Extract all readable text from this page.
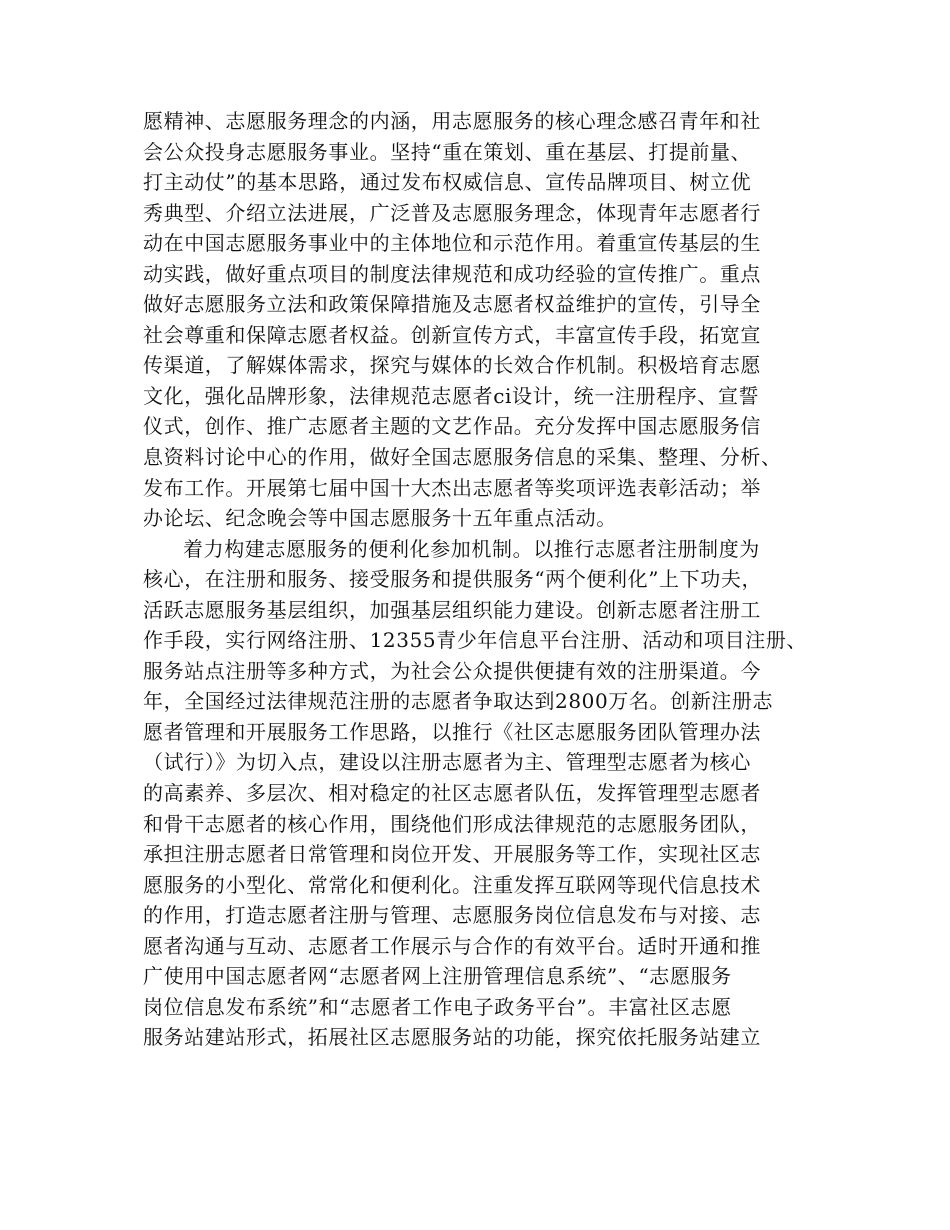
愿精神、志愿服务理念的内涵，用志愿服务的核心理念感召青年和社
会公众投身志愿服务事业。坚持“重在策划、重在基层、打提前量、
打主动仗”的基本思路，通过发布权威信息、宣传品牌项目、树立优
秀典型、介绍立法进展，广泛普及志愿服务理念，体现青年志愿者行
动在中国志愿服务事业中的主体地位和示范作用。着重宣传基层的生
动实践，做好重点项目的制度法律规范和成功经验的宣传推广。重点
做好志愿服务立法和政策保障措施及志愿者权益维护的宣传，引导全
社会尊重和保障志愿者权益。创新宣传方式，丰富宣传手段，拓宽宣
传渠道，了解媒体需求，探究与媒体的长效合作机制。积极培育志愿
文化，强化品牌形象，法律规范志愿者ci设计，统一注册程序、宣誓
仪式，创作、推广志愿者主题的文艺作品。充分发挥中国志愿服务信
息资料讨论中心的作用，做好全国志愿服务信息的采集、整理、分析、
发布工作。开展第七届中国十大杰出志愿者等奖项评选表彰活动；举
办论坛、纪念晚会等中国志愿服务十五年重点活动。
着力构建志愿服务的便利化参加机制。以推行志愿者注册制度为
核心，在注册和服务、接受服务和提供服务“两个便利化”上下功夫，
活跃志愿服务基层组织，加强基层组织能力建设。创新志愿者注册工
作手段，实行网络注册、12355青少年信息平台注册、活动和项目注册、
服务站点注册等多种方式，为社会公众提供便捷有效的注册渠道。今
年，全国经过法律规范注册的志愿者争取达到2800万名。创新注册志
愿者管理和开展服务工作思路，以推行《社区志愿服务团队管理办法
（试行）》为切入点，建设以注册志愿者为主、管理型志愿者为核心
的高素养、多层次、相对稳定的社区志愿者队伍，发挥管理型志愿者
和骨干志愿者的核心作用，围绕他们形成法律规范的志愿服务团队，
承担注册志愿者日常管理和岗位开发、开展服务等工作，实现社区志
愿服务的小型化、常常化和便利化。注重发挥互联网等现代信息技术
的作用，打造志愿者注册与管理、志愿服务岗位信息发布与对接、志
愿者沟通与互动、志愿者工作展示与合作的有效平台。适时开通和推
广使用中国志愿者网“志愿者网上注册管理信息系统”、“志愿服务
岗位信息发布系统”和“志愿者工作电子政务平台”。丰富社区志愿
服务站建站形式，拓展社区志愿服务站的功能，探究依托服务站建立
